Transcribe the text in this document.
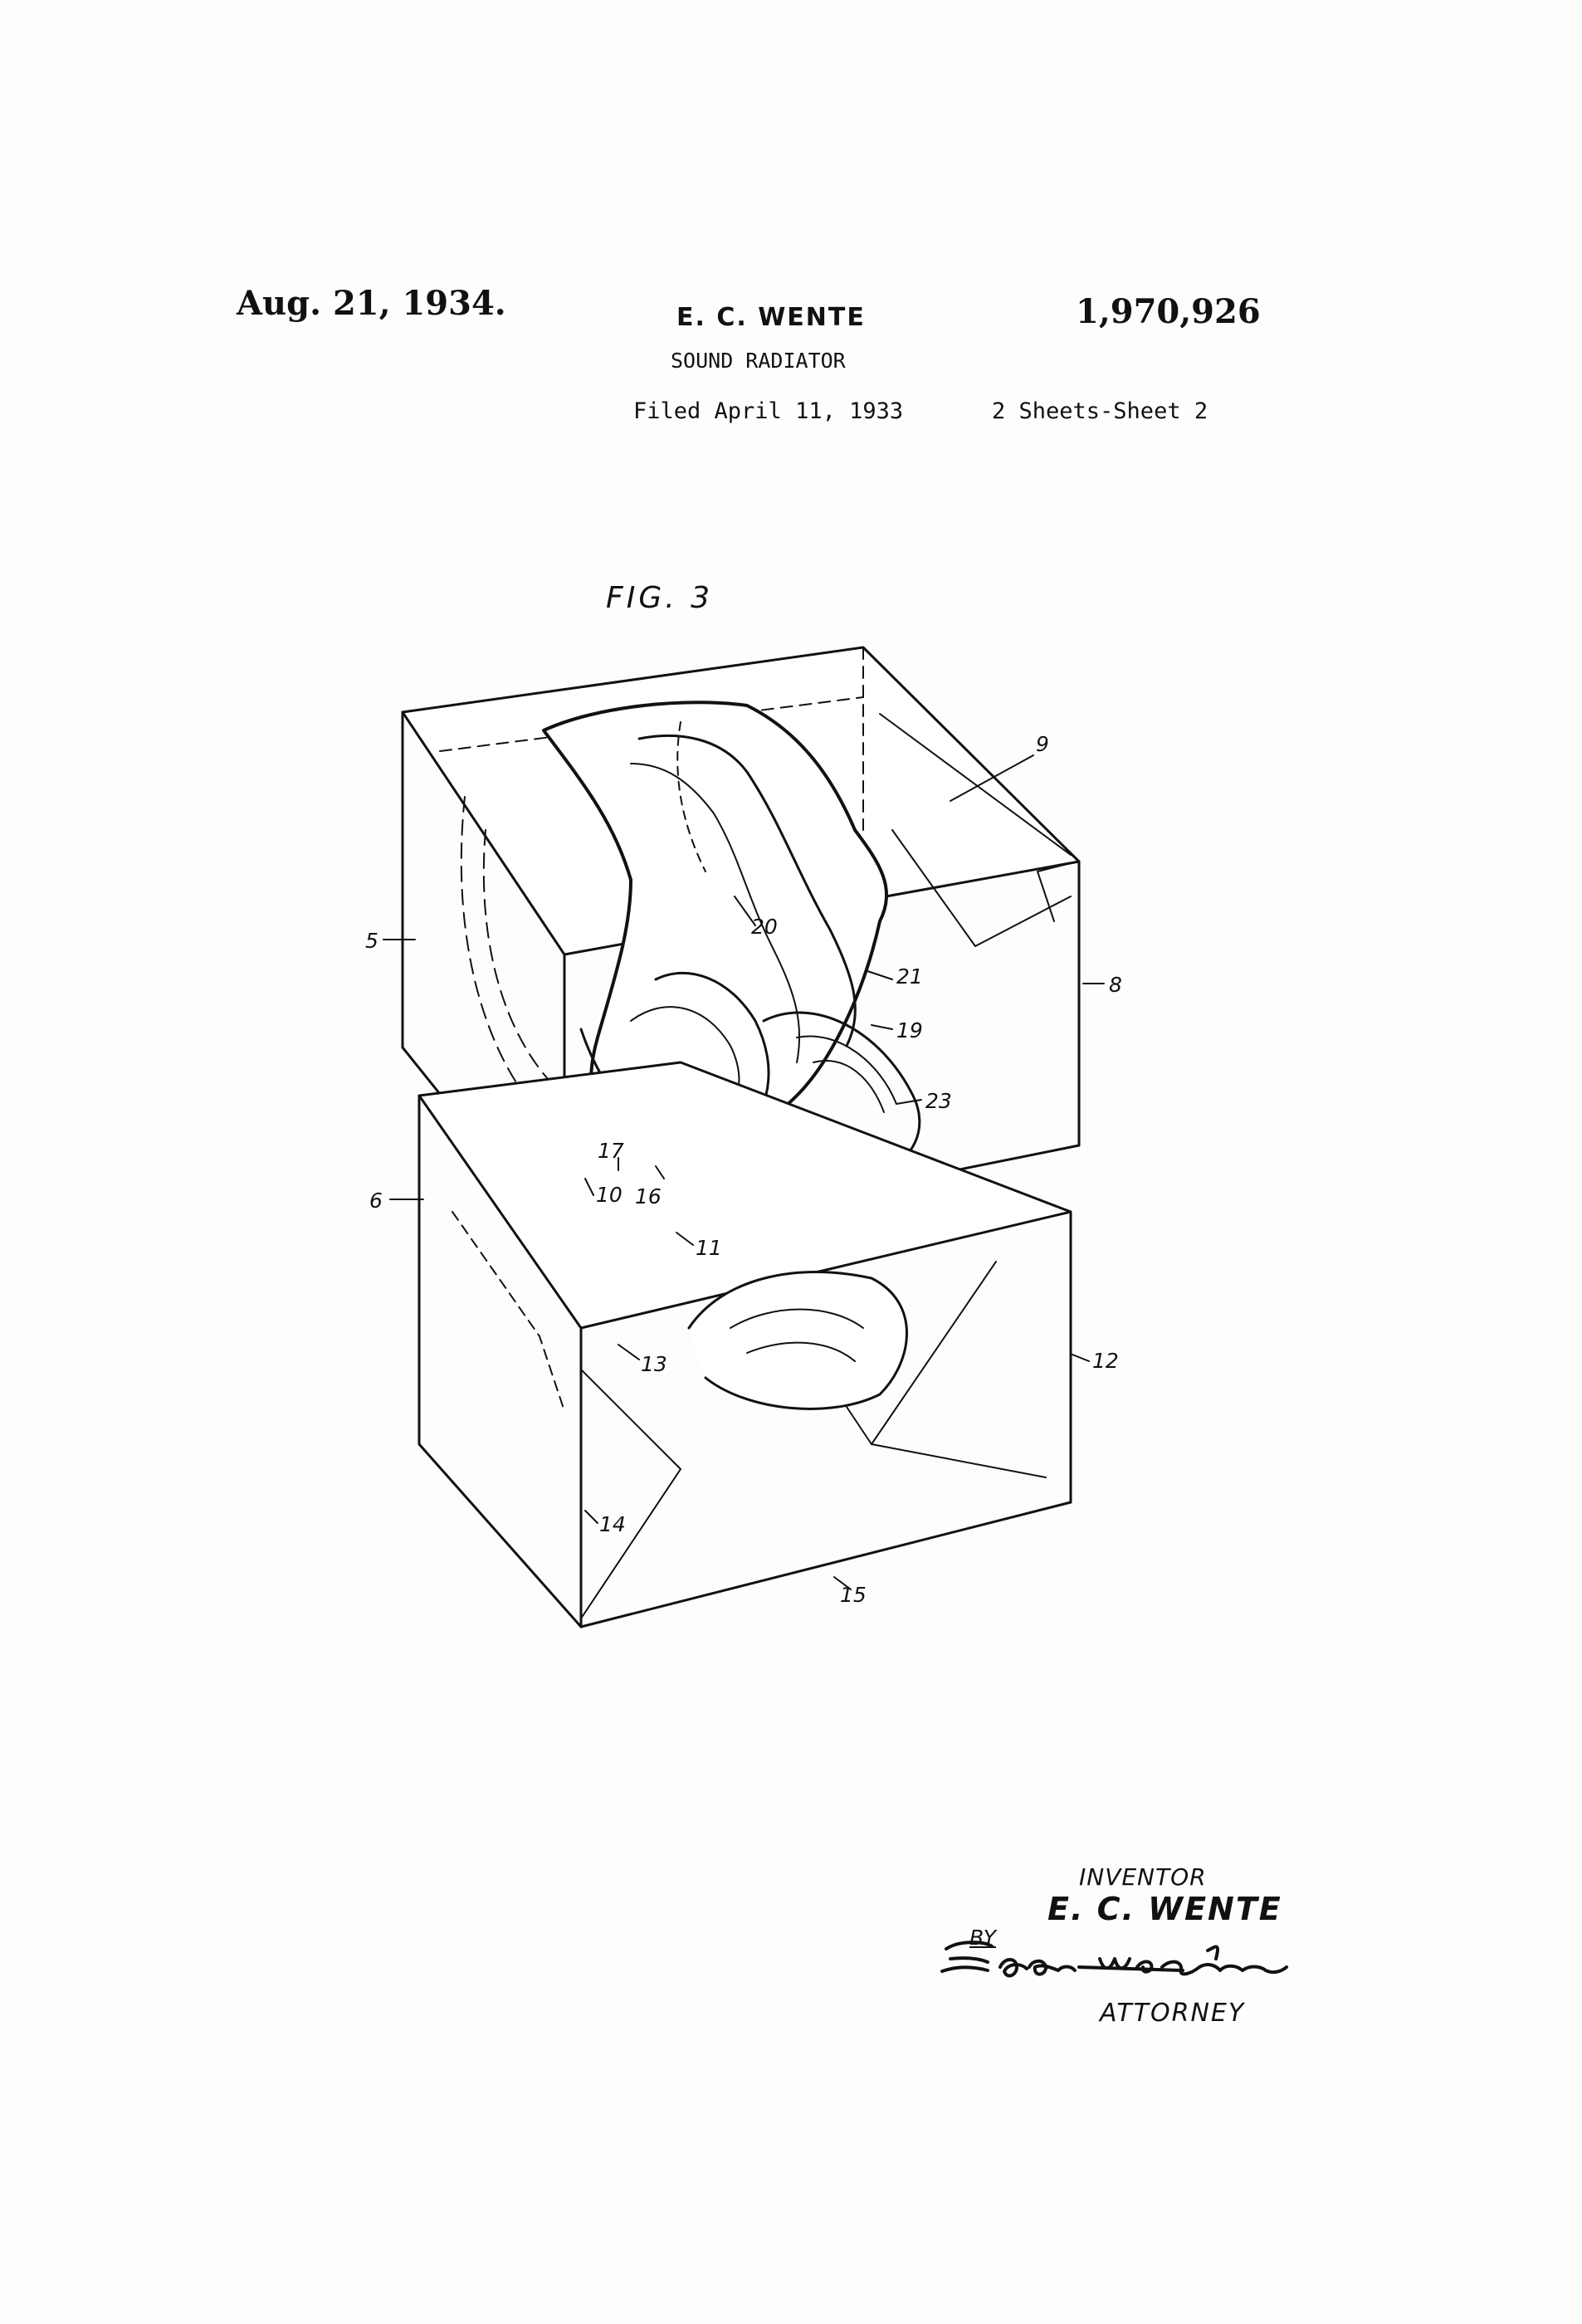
Aug. 21, 1934.	E. C. WENTE	1,970,926
SOUND RADIATOR
Filed April 11, 1933	2 Sheets-Sheet 2
FIG. 3
5
6
8
9
10
11
12
13
14
15
16
17
19
20
21
23
INVENTOR
E. C. WENTE
BY
ATTORNEY
